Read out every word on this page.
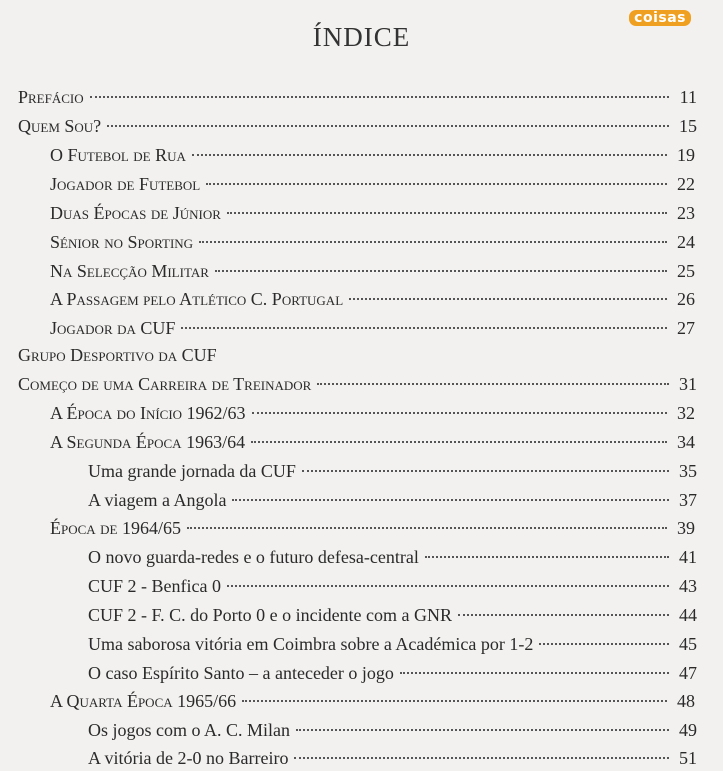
coisas
ÍNDICE
Prefácio	11
Quem Sou?	15
O Futebol de Rua	19
Jogador de Futebol	22
Duas Épocas de Júnior	23
Sénior no Sporting	24
Na Selecção Militar	25
A Passagem pelo Atlético C. Portugal	26
Jogador da CUF	27
Grupo Desportivo da CUF
Começo de uma Carreira de Treinador	31
A Época do Início 1962/63	32
A Segunda Época 1963/64	34
Uma grande jornada da CUF	35
A viagem a Angola	37
Época de 1964/65	39
O novo guarda-redes e o futuro defesa-central	41
CUF 2 - Benfica 0	43
CUF 2 - F. C. do Porto 0 e o incidente com a GNR	44
Uma saborosa vitória em Coimbra sobre a Académica por 1-2	45
O caso Espírito Santo – a anteceder o jogo	47
A Quarta Época 1965/66	48
Os jogos com o A. C. Milan	49
A vitória de 2-0 no Barreiro	51
